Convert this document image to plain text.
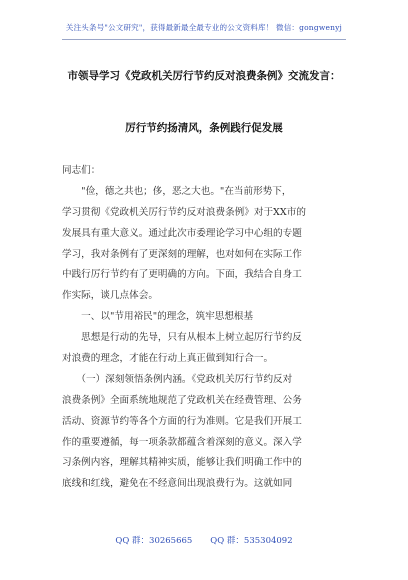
关注头条号"公文研究"，获得最新最全最专业的公文资料库！ 微信：gongwenyj
市领导学习《党政机关厉行节约反对浪费条例》交流发言：
厉行节约扬清风，条例践行促发展
同志们：
　　"俭，德之共也；侈，恶之大也。"在当前形势下，
学习贯彻《党政机关厉行节约反对浪费条例》对于XX市的
发展具有重大意义。通过此次市委理论学习中心组的专题
学习，我对条例有了更深刻的理解，也对如何在实际工作
中践行厉行节约有了更明确的方向。下面，我结合自身工
作实际，谈几点体会。
　　一、以"节用裕民"的理念，筑牢思想根基
　　思想是行动的先导，只有从根本上树立起厉行节约反
对浪费的理念，才能在行动上真正做到知行合一。
　　（一）深刻领悟条例内涵。《党政机关厉行节约反对
浪费条例》全面系统地规范了党政机关在经费管理、公务
活动、资源节约等各个方面的行为准则。它是我们开展工
作的重要遵循，每一项条款都蕴含着深刻的意义。深入学
习条例内容，理解其精神实质，能够让我们明确工作中的
底线和红线，避免在不经意间出现浪费行为。这就如同
QQ 群：30265665 QQ 群：535304092
